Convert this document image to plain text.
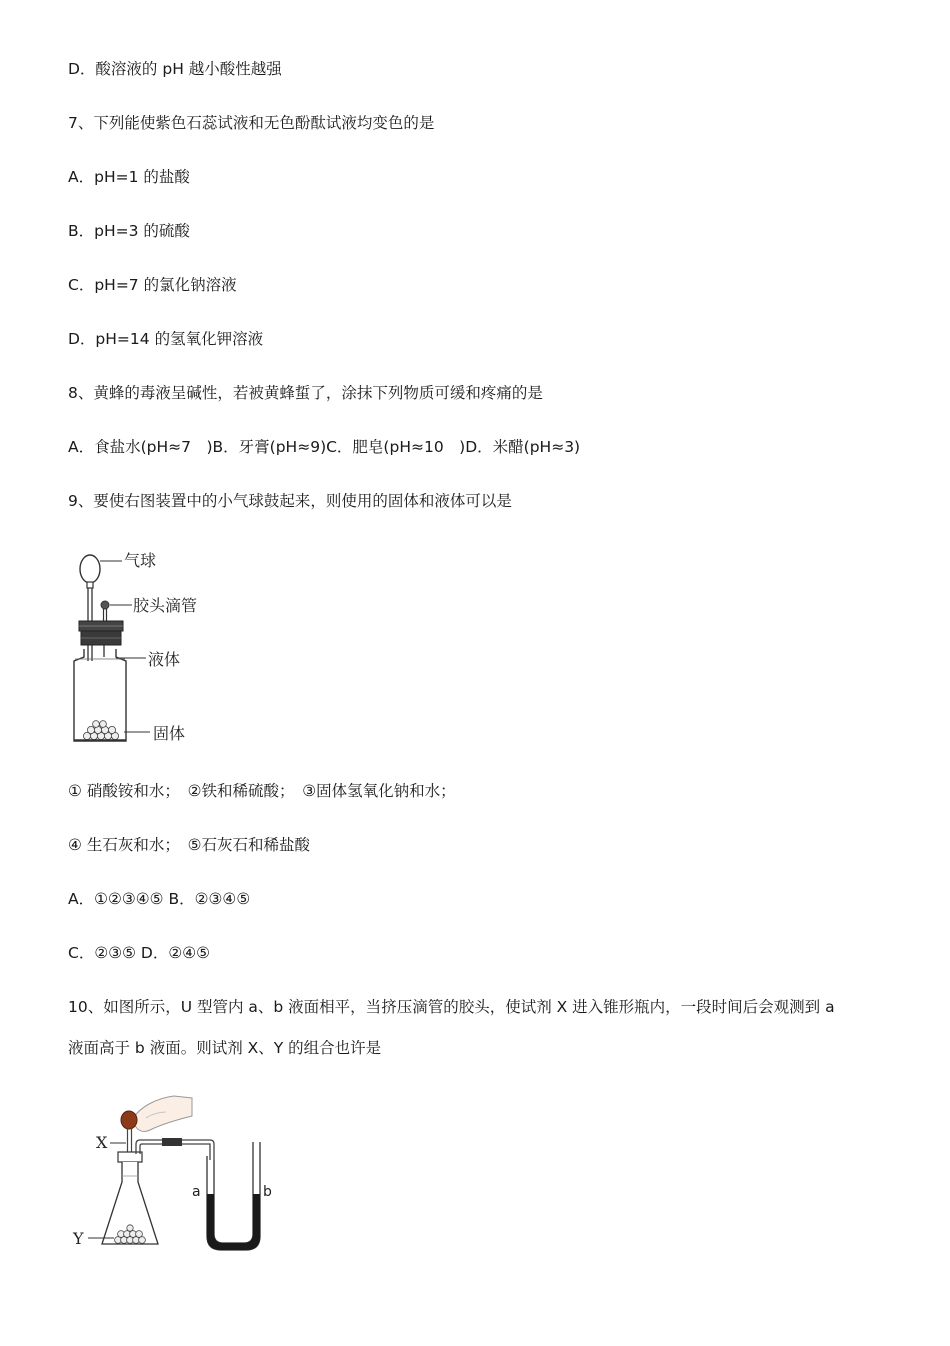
D．酸溶液的 pH 越小酸性越强
7、下列能使紫色石蕊试液和无色酚酞试液均变色的是
A．pH=1 的盐酸
B．pH=3 的硫酸
C．pH=7 的氯化钠溶液
D．pH=14 的氢氧化钾溶液
8、黄蜂的毒液呈碱性，若被黄蜂蜇了，涂抹下列物质可缓和疼痛的是
A．食盐水(pH≈7　)B．牙膏(pH≈9)C．肥皂(pH≈10　)D．米醋(pH≈3)
9、要使右图装置中的小气球鼓起来，则使用的固体和液体可以是
气球
胶头滴管
液体
固体
① 硝酸铵和水；　②铁和稀硫酸；　③固体氢氧化钠和水；
④ 生石灰和水；　⑤石灰石和稀盐酸
A．①②③④⑤ B．②③④⑤
C．②③⑤ D．②④⑤
10、如图所示，U 型管内 a、b 液面相平，当挤压滴管的胶头，使试剂 X 进入锥形瓶内，一段时间后会观测到 a
液面高于 b 液面。则试剂 X、Y 的组合也许是
X
Y
a	b
